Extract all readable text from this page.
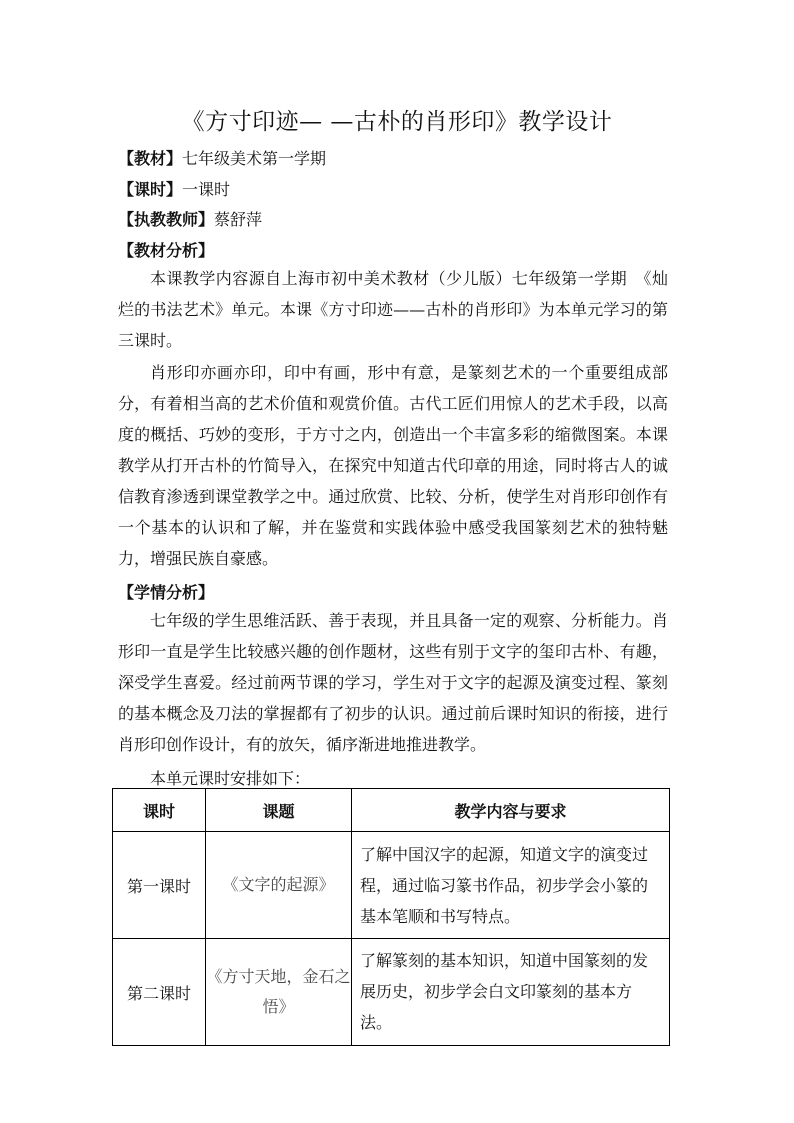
《方寸印迹— —古朴的肖形印》教学设计
【教材】七年级美术第一学期
【课时】一课时
【执教教师】蔡舒萍
【教材分析】

本课教学内容源自上海市初中美术教材（少儿版）七年级第一学期　《灿烂的书法艺术》单元。本课《方寸印迹——古朴的肖形印》为本单元学习的第三课时。

肖形印亦画亦印，印中有画，形中有意，是篆刻艺术的一个重要组成部分，有着相当高的艺术价值和观赏价值。古代工匠们用惊人的艺术手段，以高度的概括、巧妙的变形，于方寸之内，创造出一个丰富多彩的缩微图案。本课教学从打开古朴的竹简导入，在探究中知道古代印章的用途，同时将古人的诚信教育渗透到课堂教学之中。通过欣赏、比较、分析，使学生对肖形印创作有一个基本的认识和了解，并在鉴赏和实践体验中感受我国篆刻艺术的独特魅力，增强民族自豪感。

【学情分析】

七年级的学生思维活跃、善于表现，并且具备一定的观察、分析能力。肖形印一直是学生比较感兴趣的创作题材，这些有别于文字的玺印古朴、有趣，深受学生喜爱。经过前两节课的学习，学生对于文字的起源及演变过程、篆刻的基本概念及刀法的掌握都有了初步的认识。通过前后课时知识的衔接，进行肖形印创作设计，有的放矢，循序渐进地推进教学。

本单元课时安排如下：
课时	课题	教学内容与要求
第一课时	《文字的起源》	了解中国汉字的起源，知道文字的演变过程，通过临习篆书作品，初步学会小篆的基本笔顺和书写特点。
第二课时	《方寸天地，金石之悟》	了解篆刻的基本知识，知道中国篆刻的发展历史，初步学会白文印篆刻的基本方法。
